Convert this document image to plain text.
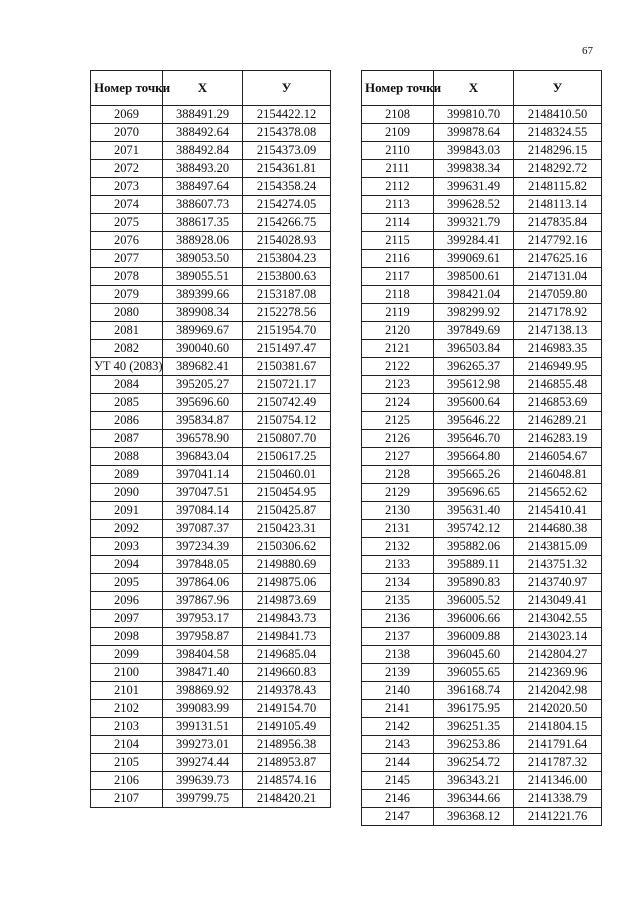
67
Номер точки	X	У
2069	388491.29	2154422.12
2070	388492.64	2154378.08
2071	388492.84	2154373.09
2072	388493.20	2154361.81
2073	388497.64	2154358.24
2074	388607.73	2154274.05
2075	388617.35	2154266.75
2076	388928.06	2154028.93
2077	389053.50	2153804.23
2078	389055.51	2153800.63
2079	389399.66	2153187.08
2080	389908.34	2152278.56
2081	389969.67	2151954.70
2082	390040.60	2151497.47
УТ 40 (2083)	389682.41	2150381.67
2084	395205.27	2150721.17
2085	395696.60	2150742.49
2086	395834.87	2150754.12
2087	396578.90	2150807.70
2088	396843.04	2150617.25
2089	397041.14	2150460.01
2090	397047.51	2150454.95
2091	397084.14	2150425.87
2092	397087.37	2150423.31
2093	397234.39	2150306.62
2094	397848.05	2149880.69
2095	397864.06	2149875.06
2096	397867.96	2149873.69
2097	397953.17	2149843.73
2098	397958.87	2149841.73
2099	398404.58	2149685.04
2100	398471.40	2149660.83
2101	398869.92	2149378.43
2102	399083.99	2149154.70
2103	399131.51	2149105.49
2104	399273.01	2148956.38
2105	399274.44	2148953.87
2106	399639.73	2148574.16
2107	399799.75	2148420.21
Номер точки	X	У
2108	399810.70	2148410.50
2109	399878.64	2148324.55
2110	399843.03	2148296.15
2111	399838.34	2148292.72
2112	399631.49	2148115.82
2113	399628.52	2148113.14
2114	399321.79	2147835.84
2115	399284.41	2147792.16
2116	399069.61	2147625.16
2117	398500.61	2147131.04
2118	398421.04	2147059.80
2119	398299.92	2147178.92
2120	397849.69	2147138.13
2121	396503.84	2146983.35
2122	396265.37	2146949.95
2123	395612.98	2146855.48
2124	395600.64	2146853.69
2125	395646.22	2146289.21
2126	395646.70	2146283.19
2127	395664.80	2146054.67
2128	395665.26	2146048.81
2129	395696.65	2145652.62
2130	395631.40	2145410.41
2131	395742.12	2144680.38
2132	395882.06	2143815.09
2133	395889.11	2143751.32
2134	395890.83	2143740.97
2135	396005.52	2143049.41
2136	396006.66	2143042.55
2137	396009.88	2143023.14
2138	396045.60	2142804.27
2139	396055.65	2142369.96
2140	396168.74	2142042.98
2141	396175.95	2142020.50
2142	396251.35	2141804.15
2143	396253.86	2141791.64
2144	396254.72	2141787.32
2145	396343.21	2141346.00
2146	396344.66	2141338.79
2147	396368.12	2141221.76
